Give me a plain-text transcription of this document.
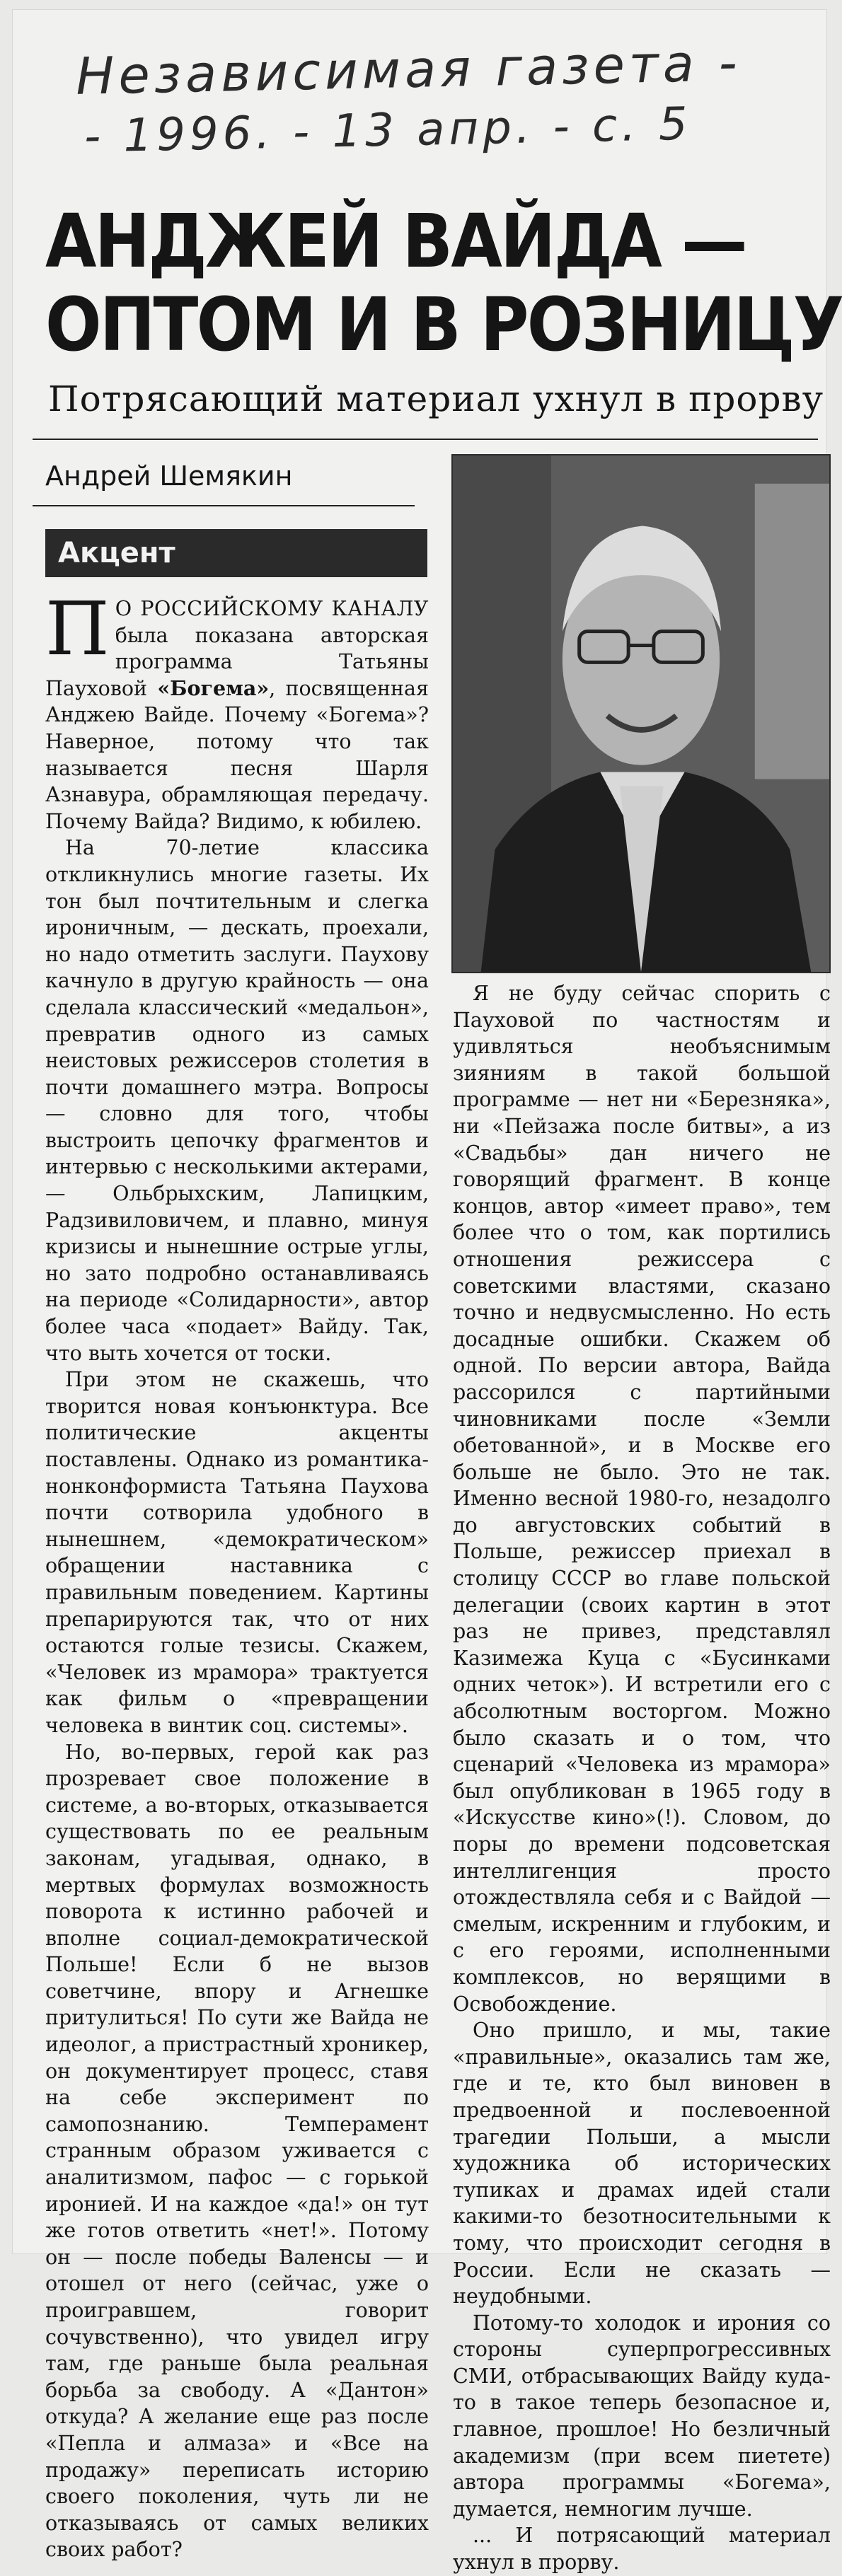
Независимая газета -
- 1996. - 13 апр. - с. 5
АНДЖЕЙ ВАЙДА —
ОПТОМ И В РОЗНИЦУ
Потрясающий материал ухнул в прорву
Андрей Шемякин
Акцент

П О РОССИЙСКОМУ КАНАЛУ была показана авторская программа Татьяны Пауховой «Богема», посвященная Анджею Вайде. Почему «Богема»? Наверное, потому что так называется песня Шарля Азнавура, обрамляющая передачу. Почему Вайда? Видимо, к юбилею.

На 70-летие классика откликнулись многие газеты. Их тон был почтительным и слегка ироничным, — дескать, проехали, но надо отметить заслуги. Паухову качнуло в другую крайность — она сделала классический «медальон», превратив одного из самых неистовых режиссеров столетия в почти домашнего мэтра. Вопросы — словно для того, чтобы выстроить цепочку фрагментов и интервью с несколькими актерами, — Ольбрыхским, Лапицким, Радзивиловичем, и плавно, минуя кризисы и нынешние острые углы, но зато подробно останавливаясь на периоде «Солидарности», автор более часа «подает» Вайду. Так, что выть хочется от тоски.

При этом не скажешь, что творится новая конъюнктура. Все политические акценты поставлены. Однако из романтика-нонконформиста Татьяна Паухова почти сотворила удобного в нынешнем, «демократическом» обращении наставника с правильным поведением. Картины препарируются так, что от них остаются голые тезисы. Скажем, «Человек из мрамора» трактуется как фильм о «превращении человека в винтик соц. системы».

Но, во-первых, герой как раз прозревает свое положение в системе, а во-вторых, отказывается существовать по ее реальным законам, угадывая, однако, в мертвых формулах возможность поворота к истинно рабочей и вполне социал-демократической Польше! Если б не вызов советчине, впору и Агнешке притулиться! По сути же Вайда не идеолог, а пристрастный хроникер, он документирует процесс, ставя на себе эксперимент по самопознанию. Темперамент странным образом уживается с аналитизмом, пафос — с горькой иронией. И на каждое «да!» он тут же готов ответить «нет!». Потому он — после победы Валенсы — и отошел от него (сейчас, уже о проигравшем, говорит сочувственно), что увидел игру там, где раньше была реальная борьба за свободу. А «Дантон» откуда? А желание еще раз после «Пепла и алмаза» и «Все на продажу» переписать историю своего поколения, чуть ли не отказываясь от самых великих своих работ?

Я не буду сейчас спорить с Пауховой по частностям и удивляться необъяснимым зияниям в такой большой программе — нет ни «Березняка», ни «Пейзажа после битвы», а из «Свадьбы» дан ничего не говорящий фрагмент. В конце концов, автор «имеет право», тем более что о том, как портились отношения режиссера с советскими властями, сказано точно и недвусмысленно. Но есть досадные ошибки. Скажем об одной. По версии автора, Вайда рассорился с партийными чиновниками после «Земли обетованной», и в Москве его больше не было. Это не так. Именно весной 1980-го, незадолго до августовских событий в Польше, режиссер приехал в столицу СССР во главе польской делегации (своих картин в этот раз не привез, представлял Казимежа Куца с «Бусинками одних четок»). И встретили его с абсолютным восторгом. Можно было сказать и о том, что сценарий «Человека из мрамора» был опубликован в 1965 году в «Искусстве кино»(!). Словом, до поры до времени подсоветская интеллигенция просто отождествляла себя и с Вайдой — смелым, искренним и глубоким, и с его героями, исполненными комплексов, но верящими в Освобождение.

Оно пришло, и мы, такие «правильные», оказались там же, где и те, кто был виновен в предвоенной и послевоенной трагедии Польши, а мысли художника об исторических тупиках и драмах идей стали какими-то безотносительными к тому, что происходит сегодня в России. Если не сказать — неудобными.

Потому-то холодок и ирония со стороны суперпрогрессивных СМИ, отбрасывающих Вайду куда-то в такое теперь безопасное и, главное, прошлое! Но безличный академизм (при всем пиетете) автора программы «Богема», думается, немногим лучше.

... И потрясающий материал ухнул в прорву.
